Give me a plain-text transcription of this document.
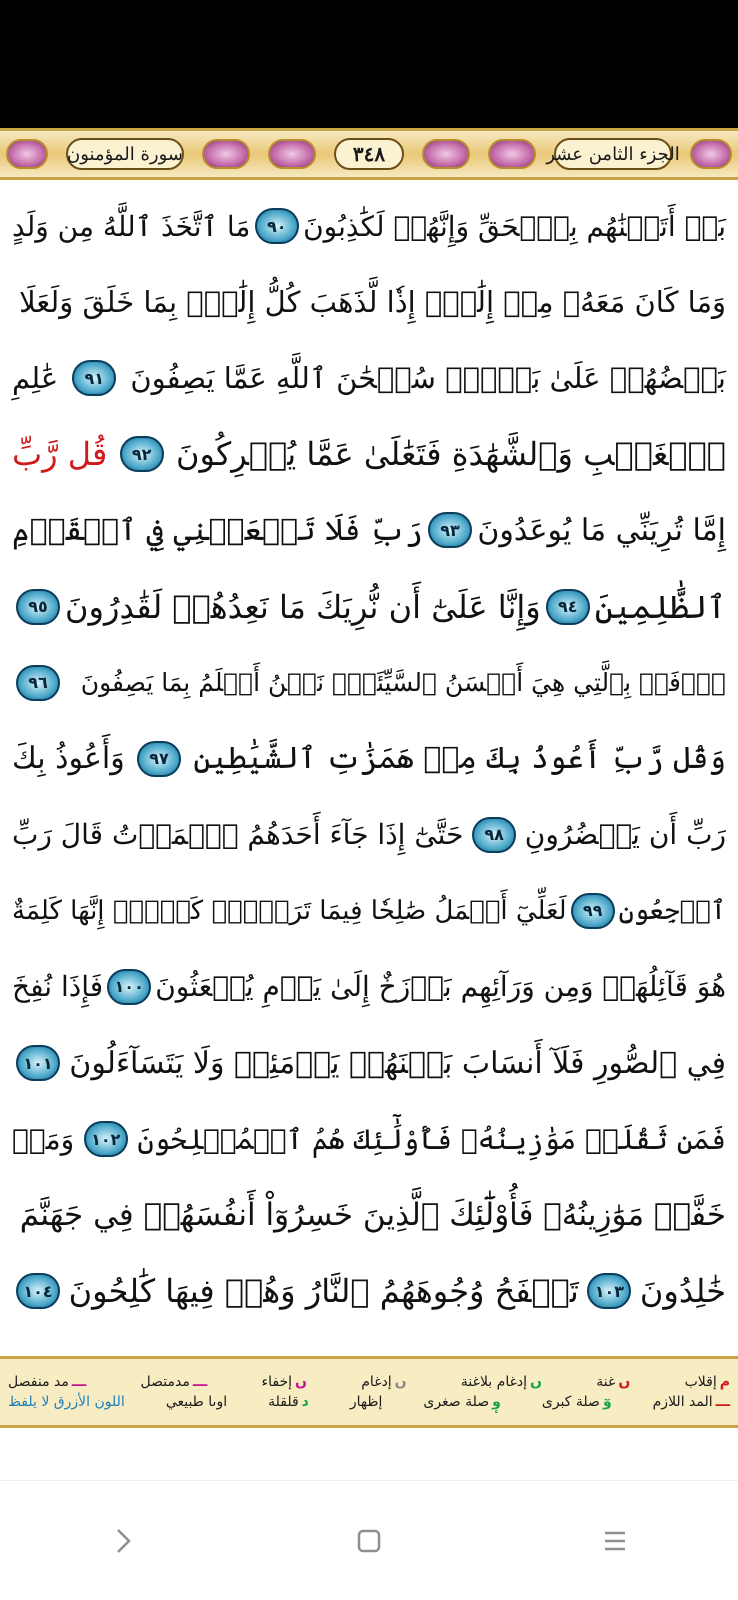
الجزء الثامن عشر
٣٤٨
سورة المؤمنون
بَلۡ أَتَيۡنَٰهُم بِٱلۡحَقِّ وَإِنَّهُمۡ لَكَٰذِبُونَ
٩٠
مَا ٱتَّخَذَ ٱللَّهُ مِن وَلَدٍ
وَمَا كَانَ مَعَهُۥ مِنۡ إِلَٰهٍۚ إِذٗا لَّذَهَبَ كُلُّ إِلَٰهِۭ بِمَا خَلَقَ وَلَعَلَا
بَعۡضُهُمۡ عَلَىٰ بَعۡضٖۚ سُبۡحَٰنَ ٱللَّهِ عَمَّا يَصِفُونَ
٩١
عَٰلِمِ
ٱلۡغَيۡبِ وَٱلشَّهَٰدَةِ فَتَعَٰلَىٰ عَمَّا يُشۡرِكُونَ
٩٢
قُل رَّبِّ
إِمَّا تُرِيَنِّي مَا يُوعَدُونَ
٩٣
رَبِّ فَلَا تَجۡعَلۡنِي فِي ٱلۡقَوۡمِ
ٱلظَّٰلِمِينَ
٩٤
وَإِنَّا عَلَىٰٓ أَن نُّرِيَكَ مَا نَعِدُهُمۡ لَقَٰدِرُونَ
٩٥
ٱدۡفَعۡ بِٱلَّتِي هِيَ أَحۡسَنُ ٱلسَّيِّئَةَۚ نَحۡنُ أَعۡلَمُ بِمَا يَصِفُونَ
٩٦
وَقُل رَّبِّ أَعُوذُ بِكَ مِنۡ هَمَزَٰتِ ٱلشَّيَٰطِينِ
٩٧
وَأَعُوذُ بِكَ
رَبِّ أَن يَحۡضُرُونِ
٩٨
حَتَّىٰٓ إِذَا جَآءَ أَحَدَهُمُ ٱلۡمَوۡتُ قَالَ رَبِّ
ٱرۡجِعُونِ
٩٩
لَعَلِّيٓ أَعۡمَلُ صَٰلِحٗا فِيمَا تَرَكۡتُۚ كَلَّآۚ إِنَّهَا كَلِمَةٌ
هُوَ قَآئِلُهَاۖ وَمِن وَرَآئِهِم بَرۡزَخٌ إِلَىٰ يَوۡمِ يُبۡعَثُونَ
١٠٠
فَإِذَا نُفِخَ
فِي ٱلصُّورِ فَلَآ أَنسَابَ بَيۡنَهُمۡ يَوۡمَئِذٖ وَلَا يَتَسَآءَلُونَ
١٠١
فَمَن ثَقُلَتۡ مَوَٰزِينُهُۥ فَأُوْلَٰٓئِكَ هُمُ ٱلۡمُفۡلِحُونَ
١٠٢
وَمَنۡ
خَفَّتۡ مَوَٰزِينُهُۥ فَأُوْلَٰٓئِكَ ٱلَّذِينَ خَسِرُوٓاْ أَنفُسَهُمۡ فِي جَهَنَّمَ
خَٰلِدُونَ
١٠٣
تَلۡفَحُ وُجُوهَهُمُ ٱلنَّارُ وَهُمۡ فِيهَا كَٰلِحُونَ
١٠٤
م
إقلاب
ں
غنة
ں
إدغام بلاغنة
ں
إدغام
ں
إخفاء
ـــ
مدمتصل
ـــ
مد منفصل
ـــ
المد اللازم
وٓ
صلة كبرى
وٕ
صلة صغرى
إظهار
د
قلقلة
اوىا طبيعي
اللون الأزرق لا يلفظ
